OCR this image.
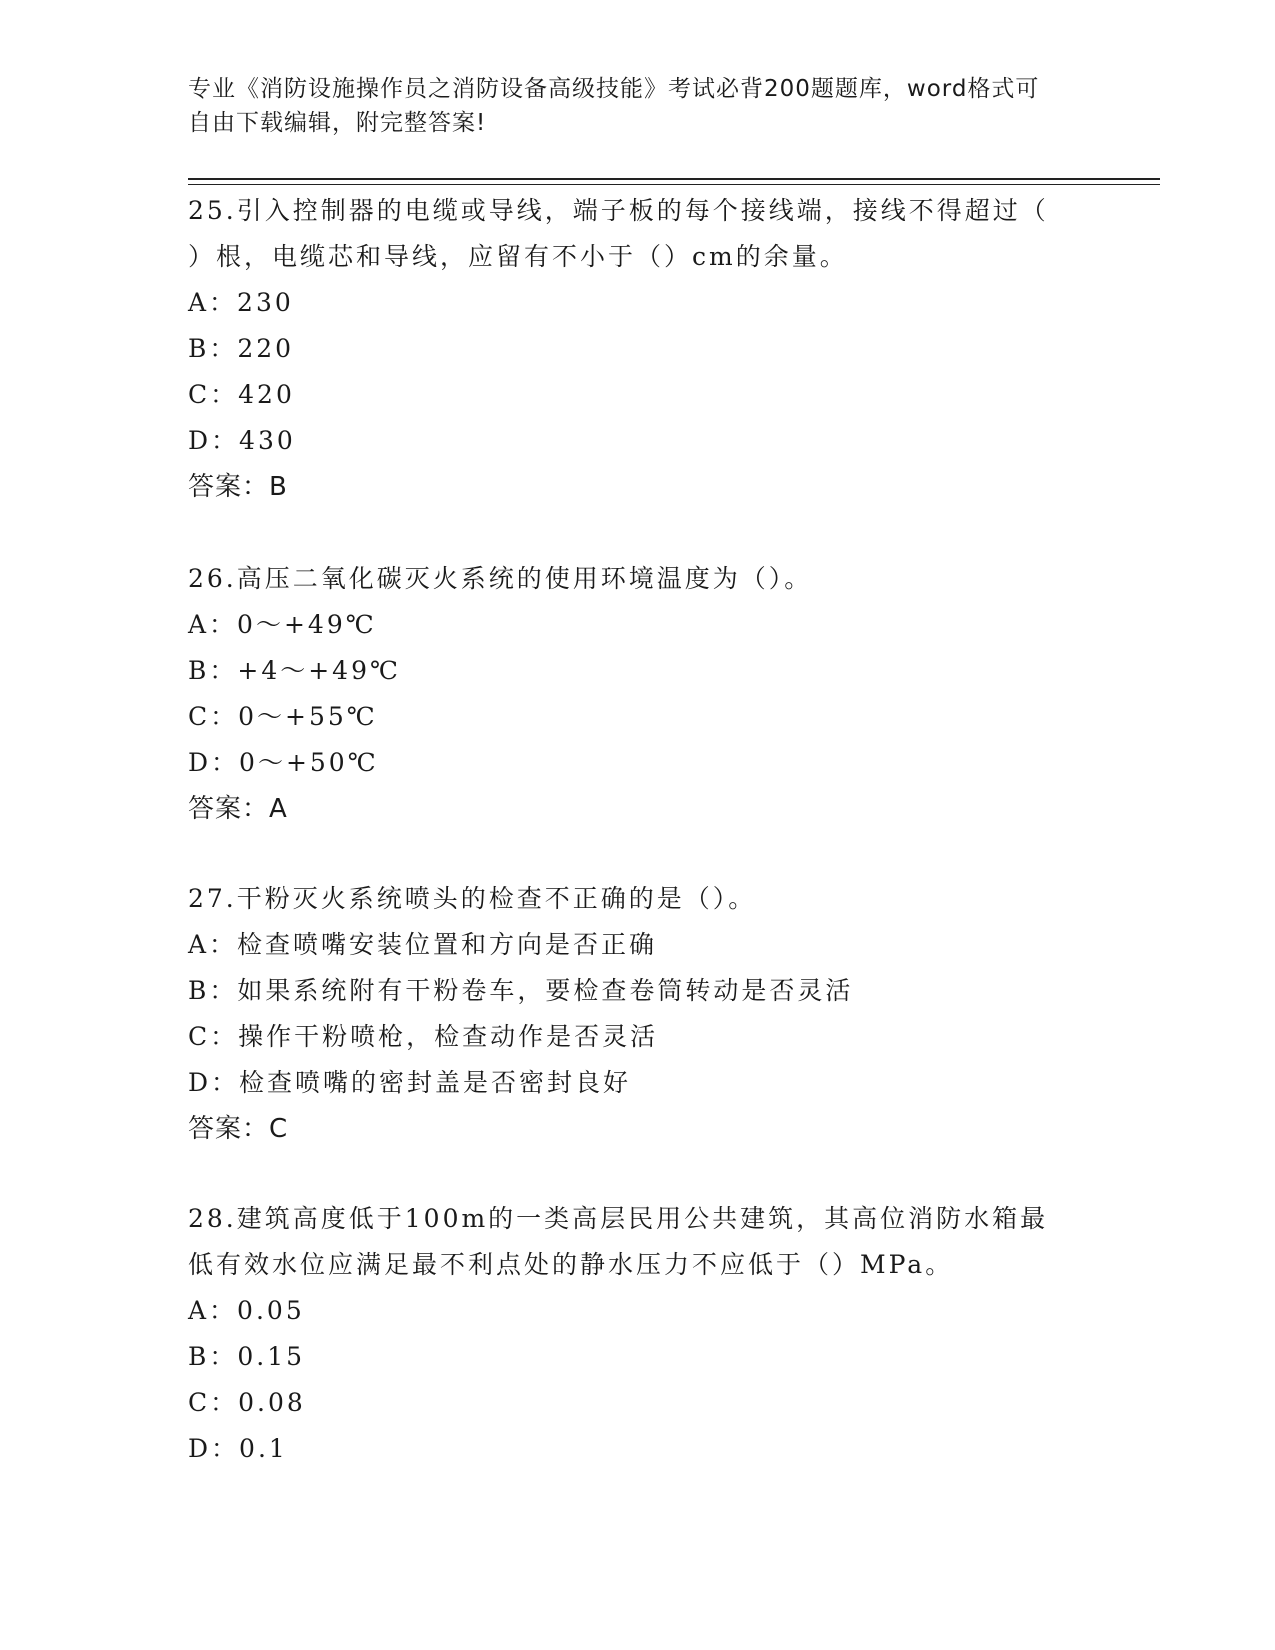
专业《消防设施操作员之消防设备高级技能》考试必背200题题库，word格式可
自由下载编辑，附完整答案!
25.引入控制器的电缆或导线，端子板的每个接线端，接线不得超过（
）根，电缆芯和导线，应留有不小于（）cm的余量。
A：230
B：220
C：420
D：430
答案：B
26.高压二氧化碳灭火系统的使用环境温度为（）。
A：0～+49℃
B：+4～+49℃
C：0～+55℃
D：0～+50℃
答案：A
27.干粉灭火系统喷头的检查不正确的是（）。
A：检查喷嘴安装位置和方向是否正确
B：如果系统附有干粉卷车，要检查卷筒转动是否灵活
C：操作干粉喷枪，检查动作是否灵活
D：检查喷嘴的密封盖是否密封良好
答案：C
28.建筑高度低于100m的一类高层民用公共建筑，其高位消防水箱最
低有效水位应满足最不利点处的静水压力不应低于（）MPa。
A：0.05
B：0.15
C：0.08
D：0.1
